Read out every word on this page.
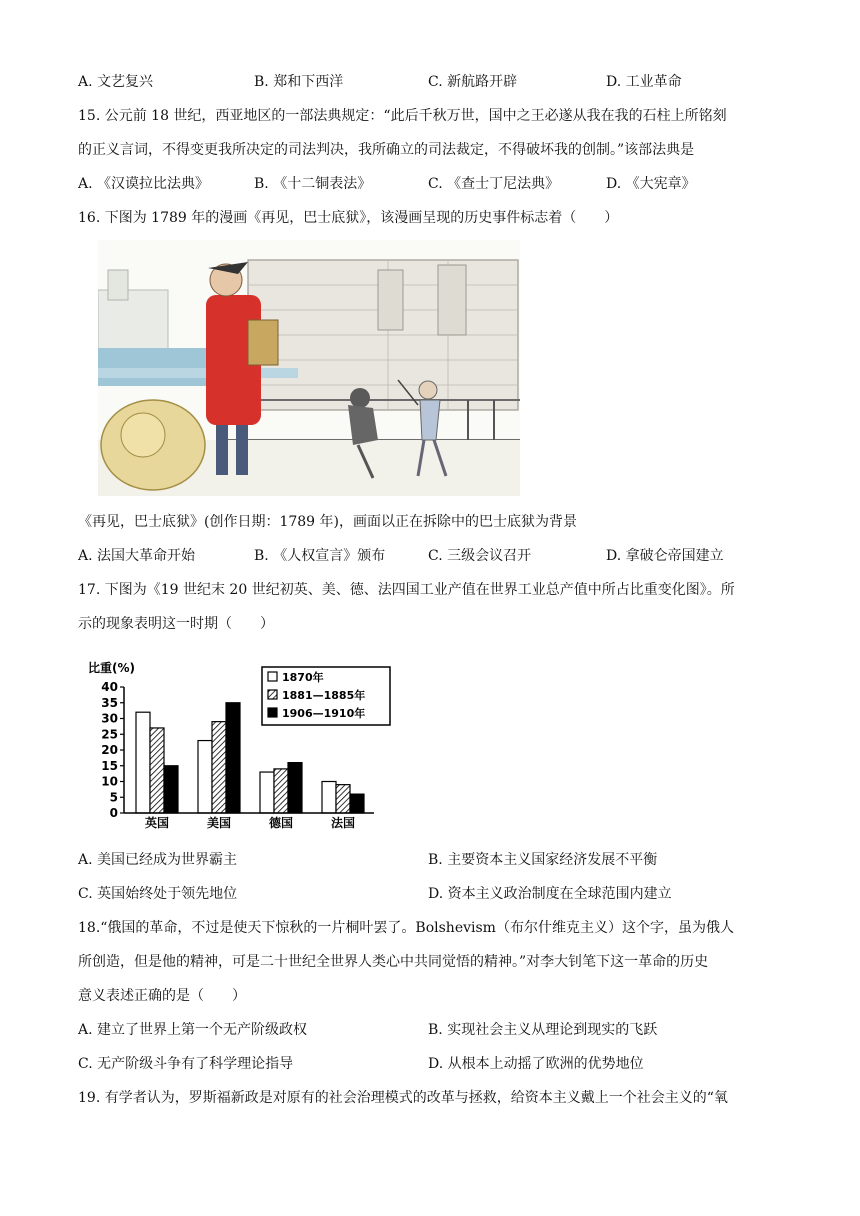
A. 文艺复兴	B. 郑和下西洋	C. 新航路开辟	D. 工业革命
15. 公元前 18 世纪，西亚地区的一部法典规定：“此后千秋万世，国中之王必遂从我在我的石柱上所铭刻
的正义言词，不得变更我所决定的司法判决，我所确立的司法裁定，不得破坏我的创制。”该部法典是
A. 《汉谟拉比法典》	B. 《十二铜表法》	C. 《查士丁尼法典》	D. 《大宪章》
16. 下图为 1789 年的漫画《再见，巴士底狱》，该漫画呈现的历史事件标志着（　　）
《再见，巴士底狱》(创作日期：1789 年)，画面以正在拆除中的巴士底狱为背景
A. 法国大革命开始	B. 《人权宣言》颁布	C. 三级会议召开	D. 拿破仑帝国建立
17. 下图为《19 世纪末 20 世纪初英、美、德、法四国工业产值在世界工业总产值中所占比重变化图》。所
示的现象表明这一时期（　　）
比重(%)
0
5
10
15
20
25
30
35
40
英国	美国	德国	法国
1870年
1881—1885年
1906—1910年
A. 美国已经成为世界霸主	B. 主要资本主义国家经济发展不平衡
C. 英国始终处于领先地位	D. 资本主义政治制度在全球范围内建立
18.“俄国的革命，不过是使天下惊秋的一片桐叶罢了。Bolshevism（布尔什维克主义）这个字，虽为俄人
所创造，但是他的精神，可是二十世纪全世界人类心中共同觉悟的精神。”对李大钊笔下这一革命的历史
意义表述正确的是（　　）
A. 建立了世界上第一个无产阶级政权	B. 实现社会主义从理论到现实的飞跃
C. 无产阶级斗争有了科学理论指导	D. 从根本上动摇了欧洲的优势地位
19. 有学者认为，罗斯福新政是对原有的社会治理模式的改革与拯救，给资本主义戴上一个社会主义的“氧
